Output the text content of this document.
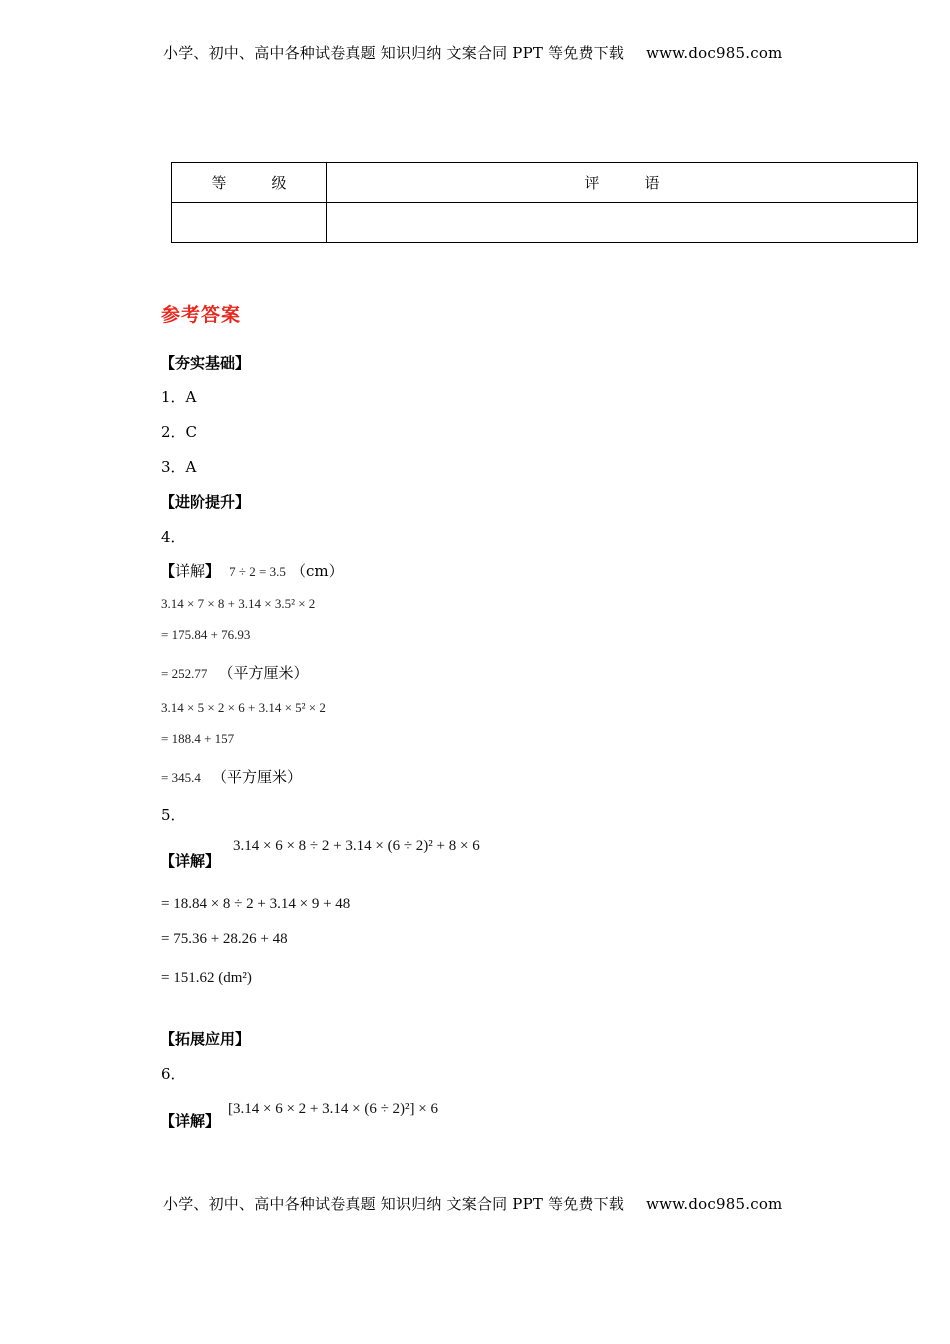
小学、初中、高中各种试卷真题 知识归纳 文案合同 PPT 等免费下载 www.doc985.com
等　　　级	评　　　语

参考答案
【夯实基础】
1．A
2．C
3．A
【进阶提升】
4．
【详解】 7 ÷ 2 = 3.5 （cm）
3.14 × 7 × 8 + 3.14 × 3.5² × 2
= 175.84 + 76.93
= 252.77 （平方厘米）
3.14 × 5 × 2 × 6 + 3.14 × 5² × 2
= 188.4 + 157
= 345.4 （平方厘米）
5．
3.14 × 6 × 8 ÷ 2 + 3.14 × (6 ÷ 2)² + 8 × 6
【详解】
= 18.84 × 8 ÷ 2 + 3.14 × 9 + 48
= 75.36 + 28.26 + 48
= 151.62 (dm²)
【拓展应用】
6．
【详解】
[3.14 × 6 × 2 + 3.14 × (6 ÷ 2)²] × 6
小学、初中、高中各种试卷真题 知识归纳 文案合同 PPT 等免费下载 www.doc985.com
